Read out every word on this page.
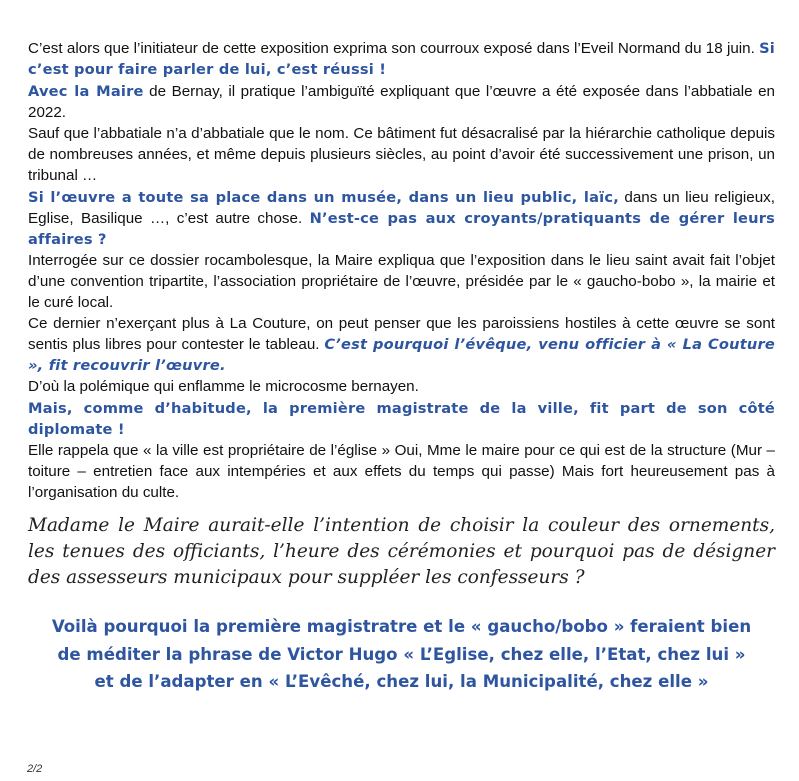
C’est alors que l’initiateur de cette exposition exprima son courroux exposé dans l’Eveil Normand du 18 juin. Si c’est pour faire parler de lui, c’est réussi !

Avec la Maire de Bernay, il pratique l’ambiguïté expliquant que l’œuvre a été exposée dans l’abbatiale en 2022.

Sauf que l’abbatiale n’a d’abbatiale que le nom. Ce bâtiment fut désacralisé par la hiérarchie catholique depuis de nombreuses années, et même depuis plusieurs siècles, au point d’avoir été successivement une prison, un tribunal …

Si l’œuvre a toute sa place dans un musée, dans un lieu public, laïc, dans un lieu religieux, Eglise, Basilique …, c’est autre chose. N’est-ce pas aux croyants/pratiquants de gérer leurs affaires ?

Interrogée sur ce dossier rocambolesque, la Maire expliqua que l’exposition dans le lieu saint avait fait l’objet d’une convention tripartite, l’association propriétaire de l’œuvre, présidée par le « gaucho-bobo », la mairie et le curé local.

Ce dernier n’exerçant plus à La Couture, on peut penser que les paroissiens hostiles à cette œuvre se sont sentis plus libres pour contester le tableau. C’est pourquoi l’évêque, venu officier à « La Couture », fit recouvrir l’œuvre.

D’où la polémique qui enflamme le microcosme bernayen.

Mais, comme d’habitude, la première magistrate de la ville, fit part de son côté diplomate !

Elle rappela que « la ville est propriétaire de l’église » Oui, Mme le maire pour ce qui est de la structure (Mur – toiture – entretien face aux intempéries et aux effets du temps qui passe) Mais fort heureusement pas à l’organisation du culte.

Madame le Maire aurait-elle l’intention de choisir la couleur des ornements, les tenues des officiants, l’heure des cérémonies et pourquoi pas de désigner des assesseurs municipaux pour suppléer les confesseurs ?

Voilà pourquoi la première magistratre et le « gaucho/bobo » feraient bien
de méditer la phrase de Victor Hugo « L’Eglise, chez elle, l’Etat, chez lui »
et de l’adapter en « L’Evêché, chez lui, la Municipalité, chez elle »
2/2
